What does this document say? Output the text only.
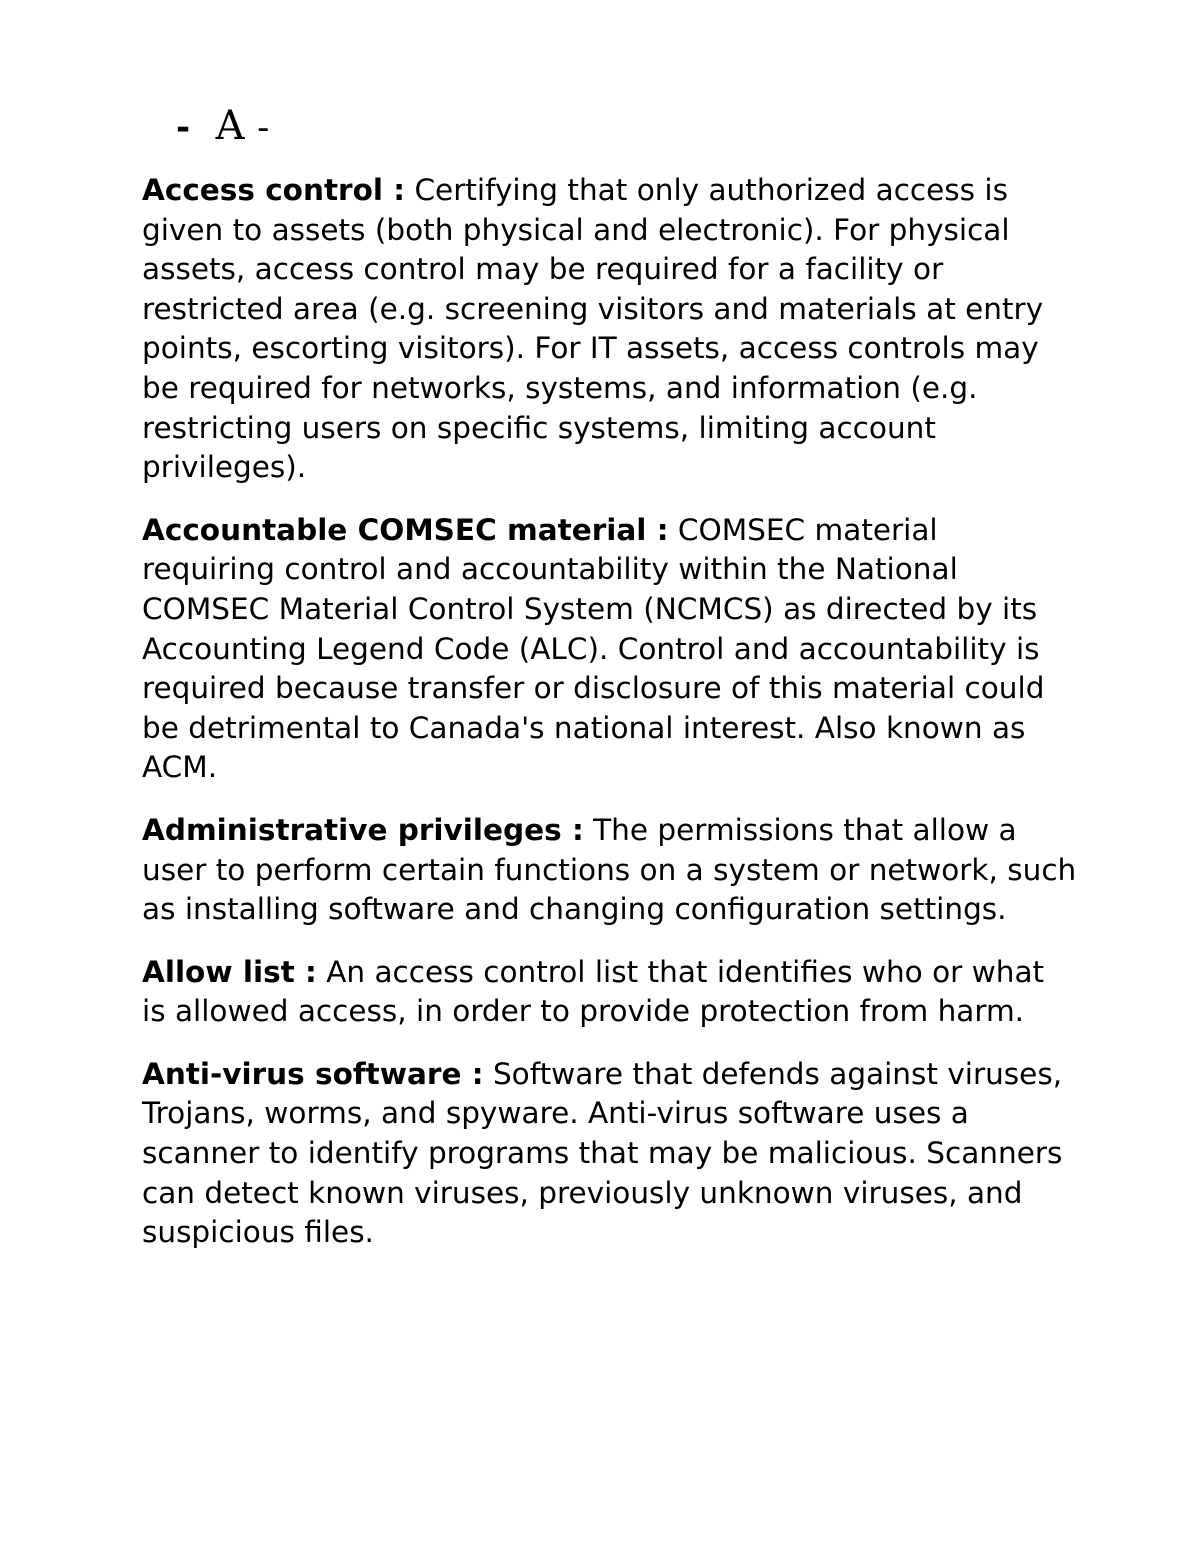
- A -

Access control : Certifying that only authorized access is given to assets (both physical and electronic). For physical assets, access control may be required for a facility or restricted area (e.g. screening visitors and materials at entry points, escorting visitors). For IT assets, access controls may be required for networks, systems, and information (e.g. restricting users on specific systems, limiting account privileges).

Accountable COMSEC material : COMSEC material requiring control and accountability within the National COMSEC Material Control System (NCMCS) as directed by its Accounting Legend Code (ALC). Control and accountability is required because transfer or disclosure of this material could be detrimental to Canada's national interest. Also known as ACM.

Administrative privileges : The permissions that allow a user to perform certain functions on a system or network, such as installing software and changing configuration settings.

Allow list : An access control list that identifies who or what is allowed access, in order to provide protection from harm.

Anti-virus software : Software that defends against viruses, Trojans, worms, and spyware. Anti-virus software uses a scanner to identify programs that may be malicious. Scanners can detect known viruses, previously unknown viruses, and suspicious files.
